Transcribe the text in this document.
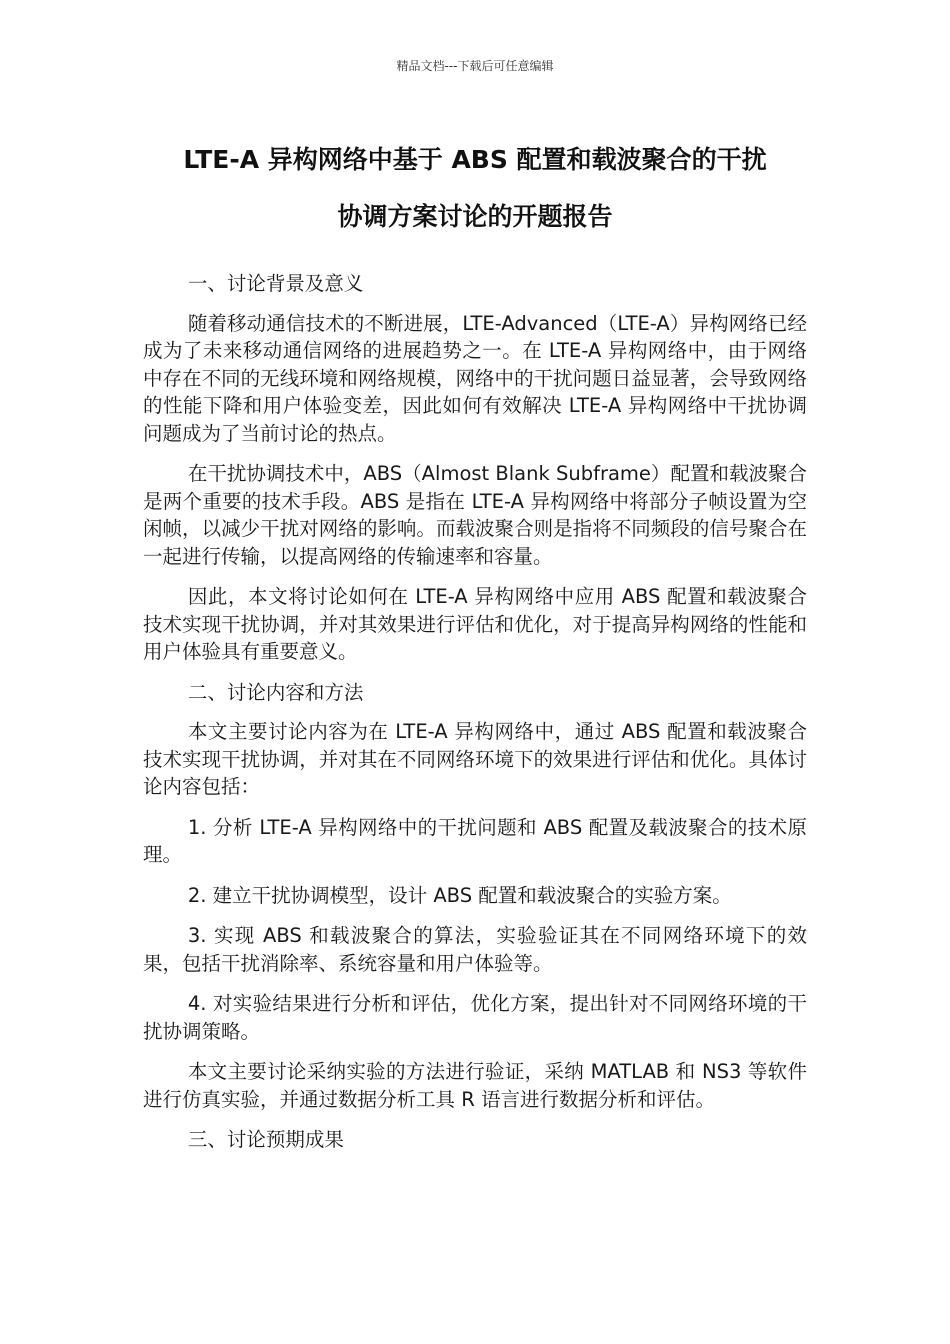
精品文档---下载后可任意编辑
LTE-A 异构网络中基于 ABS 配置和载波聚合的干扰
协调方案讨论的开题报告

一、讨论背景及意义

随着移动通信技术的不断进展，LTE-Advanced（LTE-A）异构网络已经成为了未来移动通信网络的进展趋势之一。在 LTE-A 异构网络中，由于网络中存在不同的无线环境和网络规模，网络中的干扰问题日益显著，会导致网络的性能下降和用户体验变差，因此如何有效解决 LTE-A 异构网络中干扰协调问题成为了当前讨论的热点。

在干扰协调技术中，ABS（Almost Blank Subframe）配置和载波聚合是两个重要的技术手段。ABS 是指在 LTE-A 异构网络中将部分子帧设置为空闲帧，以减少干扰对网络的影响。而载波聚合则是指将不同频段的信号聚合在一起进行传输，以提高网络的传输速率和容量。

因此，本文将讨论如何在 LTE-A 异构网络中应用 ABS 配置和载波聚合技术实现干扰协调，并对其效果进行评估和优化，对于提高异构网络的性能和用户体验具有重要意义。

二、讨论内容和方法

本文主要讨论内容为在 LTE-A 异构网络中，通过 ABS 配置和载波聚合技术实现干扰协调，并对其在不同网络环境下的效果进行评估和优化。具体讨论内容包括：

1. 分析 LTE-A 异构网络中的干扰问题和 ABS 配置及载波聚合的技术原理。

2. 建立干扰协调模型，设计 ABS 配置和载波聚合的实验方案。

3. 实现 ABS 和载波聚合的算法，实验验证其在不同网络环境下的效果，包括干扰消除率、系统容量和用户体验等。

4. 对实验结果进行分析和评估，优化方案，提出针对不同网络环境的干扰协调策略。

本文主要讨论采纳实验的方法进行验证，采纳 MATLAB 和 NS3 等软件进行仿真实验，并通过数据分析工具 R 语言进行数据分析和评估。

三、讨论预期成果
